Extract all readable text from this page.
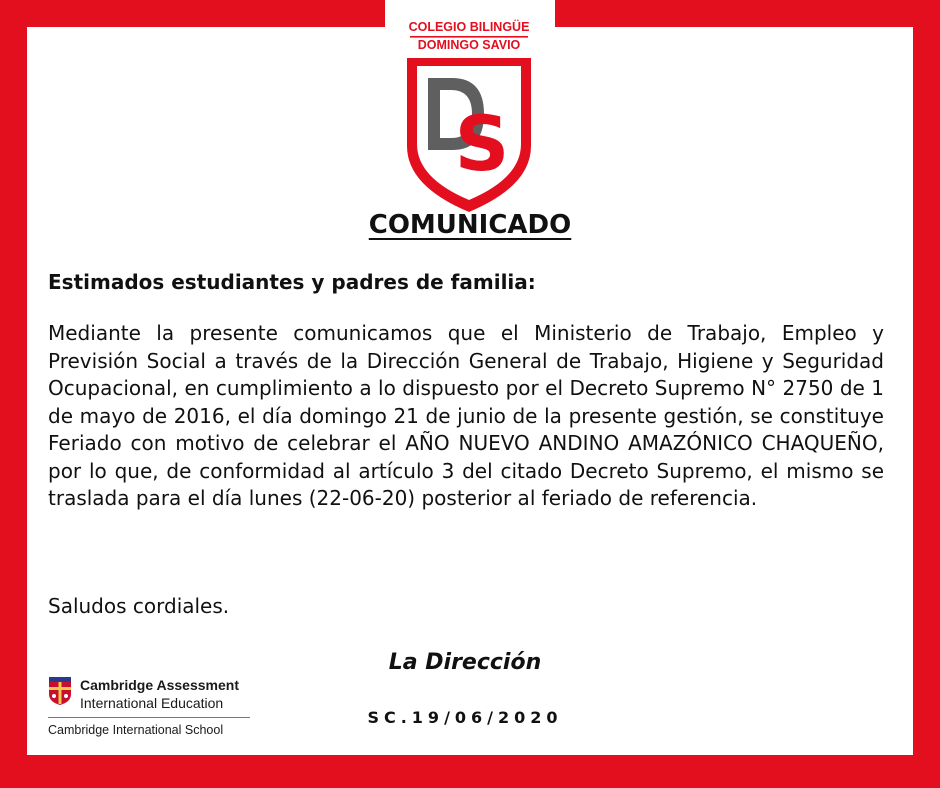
COLEGIO BILINGÜE
DOMINGO SAVIO
S
COMUNICADO
Estimados estudiantes y padres de familia:
Mediante la presente comunicamos que el Ministerio de Trabajo, Empleo y Previsión Social a través de la Dirección General de Trabajo, Higiene y Seguridad Ocupacional, en cumplimiento a lo dispuesto por el Decreto Supremo N° 2750 de 1 de mayo de 2016, el día domingo 21 de junio de la presente gestión, se constituye Feriado con motivo de celebrar el AÑO NUEVO ANDINO AMAZÓNICO CHAQUEÑO, por lo que, de conformidad al artículo 3 del citado Decreto Supremo, el mismo se traslada para el día lunes (22-06-20) posterior al feriado de referencia.
Saludos cordiales.
La Dirección
SC.19/06/2020
Cambridge Assessment
International Education
Cambridge International School
